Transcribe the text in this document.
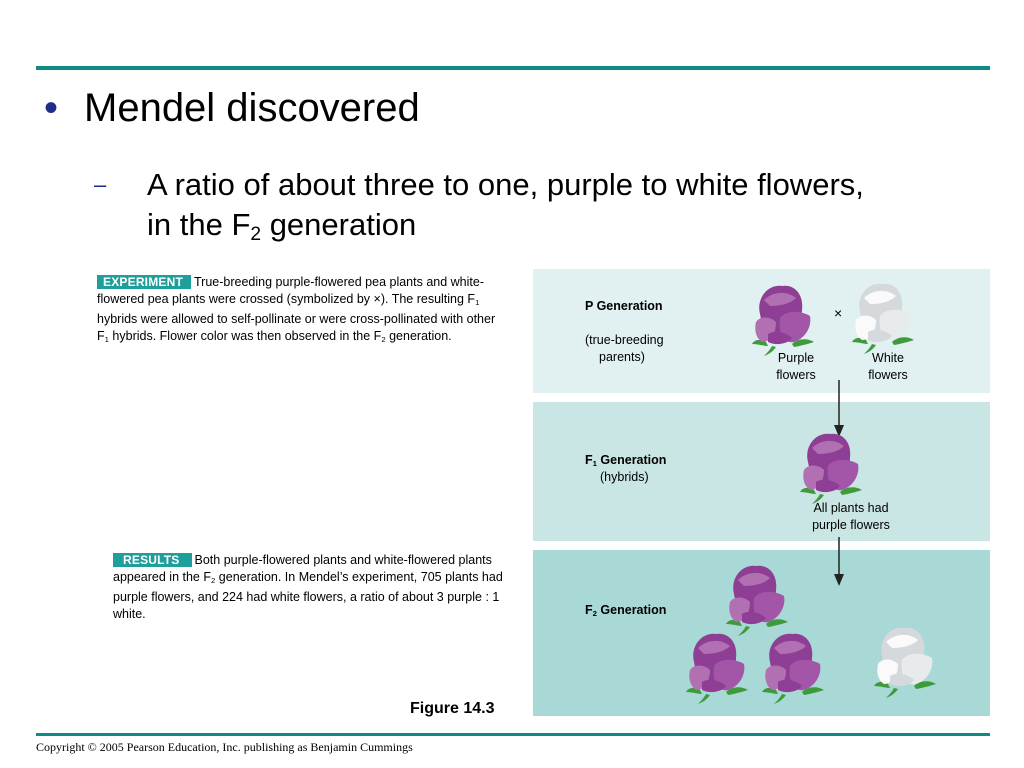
• Mendel discovered
– A ratio of about three to one, purple to white flowers,
in the $F_2$ generation
EXPERIMENT True-breeding purple-flowered pea plants and white-flowered pea plants were crossed (symbolized by ×). The resulting $F_1$ hybrids were allowed to self-pollinate or were cross-pollinated with other $F_1$ hybrids. Flower color was then observed in the $F_2$ generation.
RESULTS Both purple-flowered plants and white-flowered plants appeared in the $F_2$ generation. In Mendel’s experiment, 705 plants had purple flowers, and 224 had white flowers, a ratio of about 3 purple : 1 white.
P Generation
(true-breeding
parents)
×
Purple
flowers
White
flowers
$F_1$ Generation
(hybrids)
All plants had
purple flowers
$F_2$ Generation
Figure 14.3
Copyright © 2005 Pearson Education, Inc. publishing as Benjamin Cummings
